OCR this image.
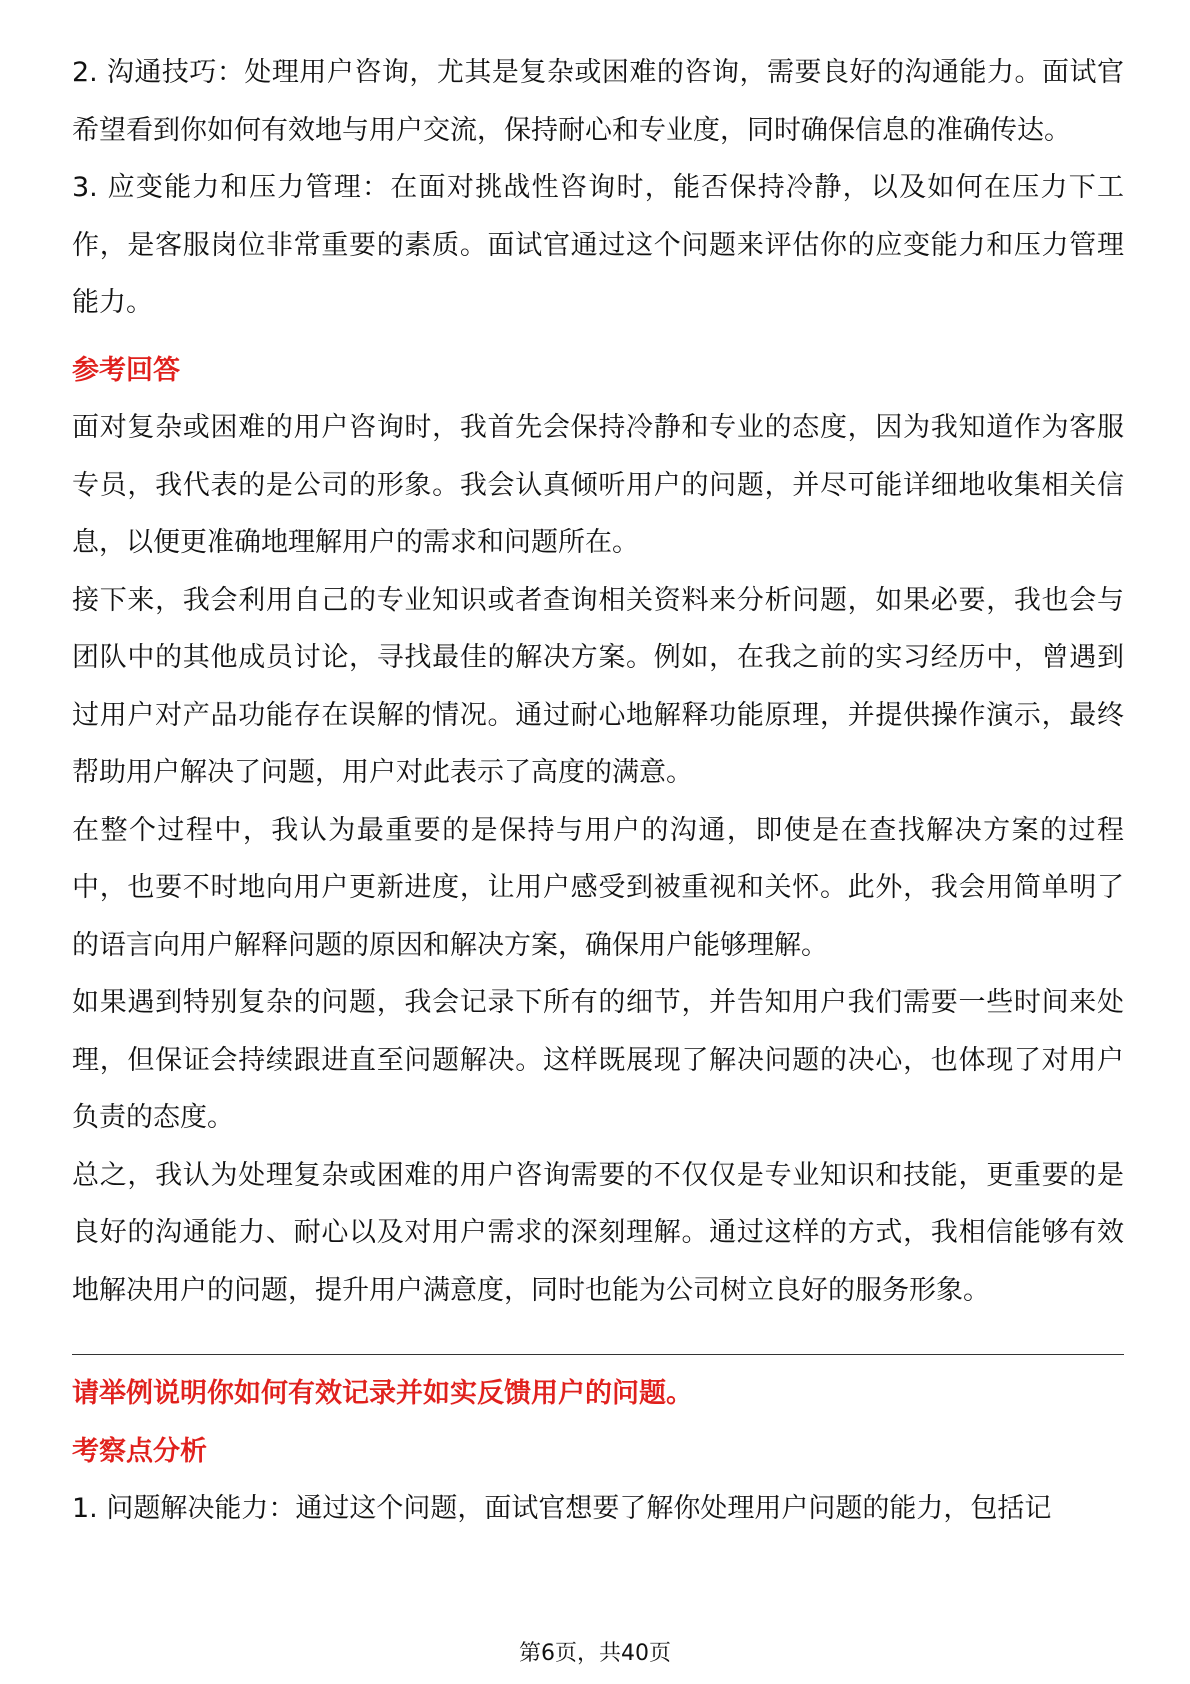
2. 沟通技巧：处理用户咨询，尤其是复杂或困难的咨询，需要良好的沟通能力。面试官希望看到你如何有效地与用户交流，保持耐心和专业度，同时确保信息的准确传达。

3. 应变能力和压力管理：在面对挑战性咨询时，能否保持冷静，以及如何在压力下工作，是客服岗位非常重要的素质。面试官通过这个问题来评估你的应变能力和压力管理能力。

参考回答

面对复杂或困难的用户咨询时，我首先会保持冷静和专业的态度，因为我知道作为客服专员，我代表的是公司的形象。我会认真倾听用户的问题，并尽可能详细地收集相关信息，以便更准确地理解用户的需求和问题所在。

接下来，我会利用自己的专业知识或者查询相关资料来分析问题，如果必要，我也会与团队中的其他成员讨论，寻找最佳的解决方案。例如，在我之前的实习经历中，曾遇到过用户对产品功能存在误解的情况。通过耐心地解释功能原理，并提供操作演示，最终帮助用户解决了问题，用户对此表示了高度的满意。

在整个过程中，我认为最重要的是保持与用户的沟通，即使是在查找解决方案的过程中，也要不时地向用户更新进度，让用户感受到被重视和关怀。此外，我会用简单明了的语言向用户解释问题的原因和解决方案，确保用户能够理解。

如果遇到特别复杂的问题，我会记录下所有的细节，并告知用户我们需要一些时间来处理，但保证会持续跟进直至问题解决。这样既展现了解决问题的决心，也体现了对用户负责的态度。

总之，我认为处理复杂或困难的用户咨询需要的不仅仅是专业知识和技能，更重要的是良好的沟通能力、耐心以及对用户需求的深刻理解。通过这样的方式，我相信能够有效地解决用户的问题，提升用户满意度，同时也能为公司树立良好的服务形象。

请举例说明你如何有效记录并如实反馈用户的问题。
考察点分析

1. 问题解决能力：通过这个问题，面试官想要了解你处理用户问题的能力，包括记

第6页，共40页
